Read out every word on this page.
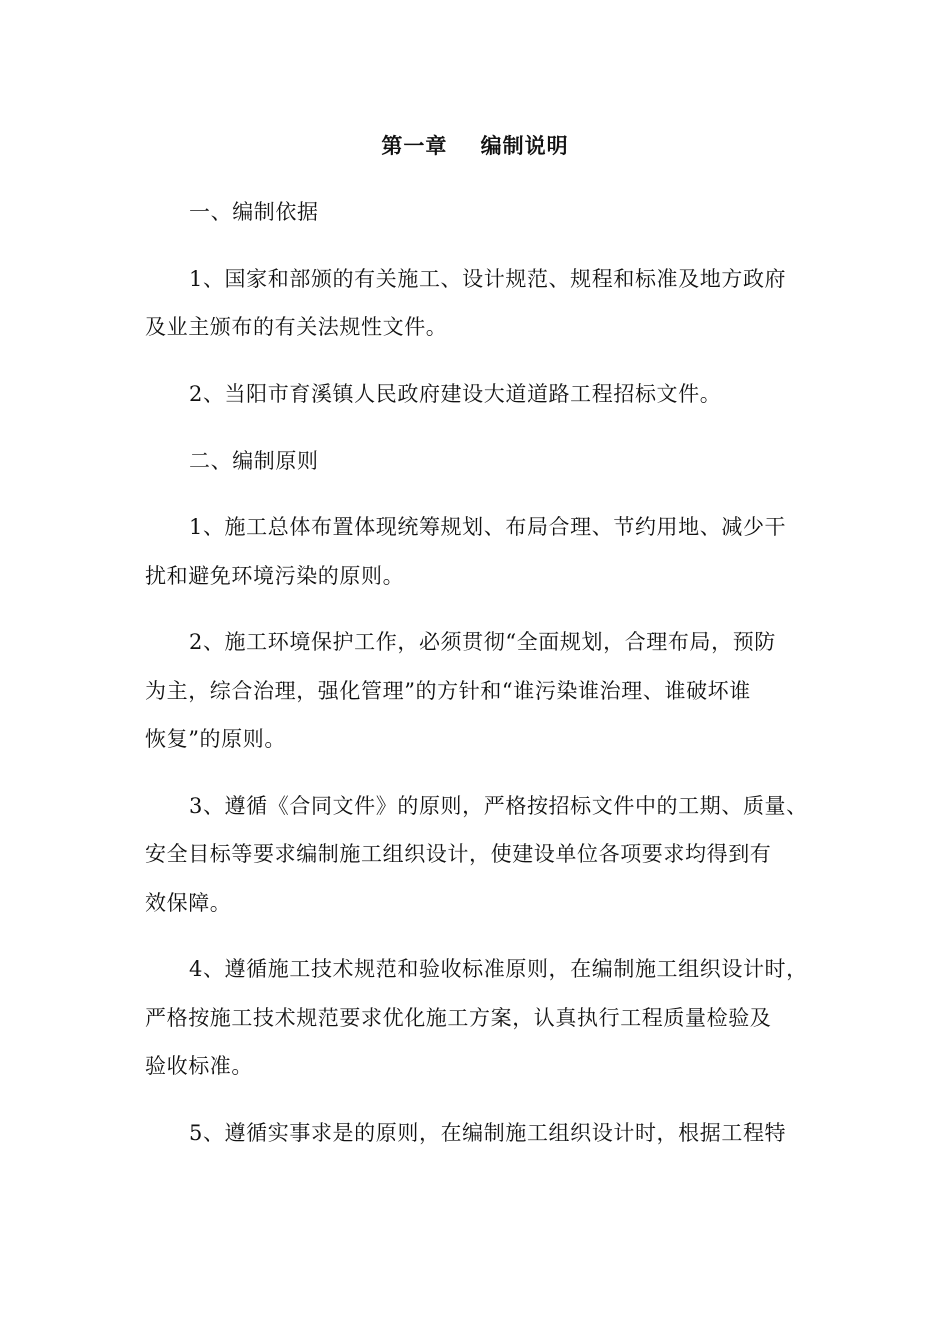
第一章    编制说明
一、编制依据
1、国家和部颁的有关施工、设计规范、规程和标准及地方政府
及业主颁布的有关法规性文件。
2、当阳市育溪镇人民政府建设大道道路工程招标文件。
二、编制原则
1、施工总体布置体现统筹规划、布局合理、节约用地、减少干
扰和避免环境污染的原则。
2、施工环境保护工作，必须贯彻“全面规划，合理布局，预防
为主，综合治理，强化管理”的方针和“谁污染谁治理、谁破坏谁
恢复”的原则。
3、遵循《合同文件》的原则，严格按招标文件中的工期、质量、
安全目标等要求编制施工组织设计，使建设单位各项要求均得到有
效保障。
4、遵循施工技术规范和验收标准原则，在编制施工组织设计时，
严格按施工技术规范要求优化施工方案，认真执行工程质量检验及
验收标准。
5、遵循实事求是的原则，在编制施工组织设计时，根据工程特
